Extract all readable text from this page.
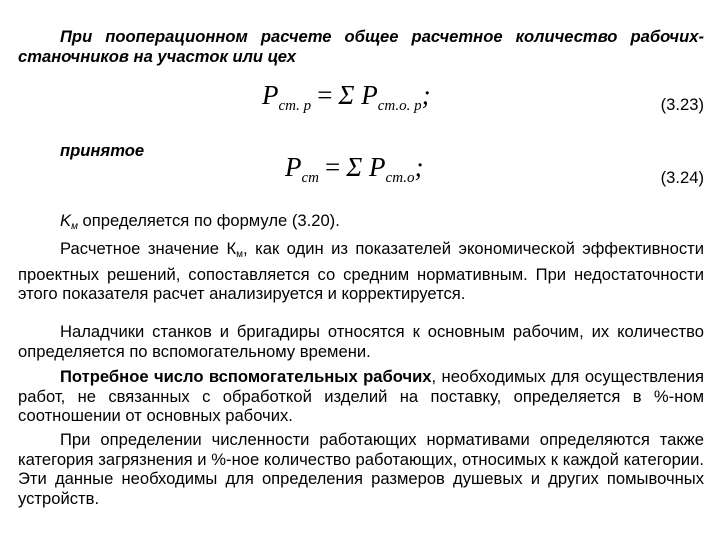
При пооперационном расчете общее расчетное количество рабочих-станочников на участок или цех

$P_{ст. р} = \Sigma$ $P_{ст.о. р}$;	(3.23)
принятое
$P_{ст} = \Sigma$ $P_{ст.о}$;	(3.24)

$K_м$ определяется по формуле (3.20).

Расчетное значение $К_м$, как один из показателей экономической эффективности проектных решений, сопоставляется со средним нормативным. При недостаточности этого показателя расчет анализируется и корректируется.

Наладчики станков и бригадиры относятся к основным рабочим, их количество определяется по вспомогательному времени.

Потребное число вспомогательных рабочих, необходимых для осуществления работ, не связанных с обработкой изделий на поставку, определяется в %-ном соотношении от основных рабочих.

При определении численности работающих нормативами определяются также категория загрязнения и %-ное количество работающих, относимых к каждой категории. Эти данные необходимы для определения размеров душевых и других помывочных устройств.
